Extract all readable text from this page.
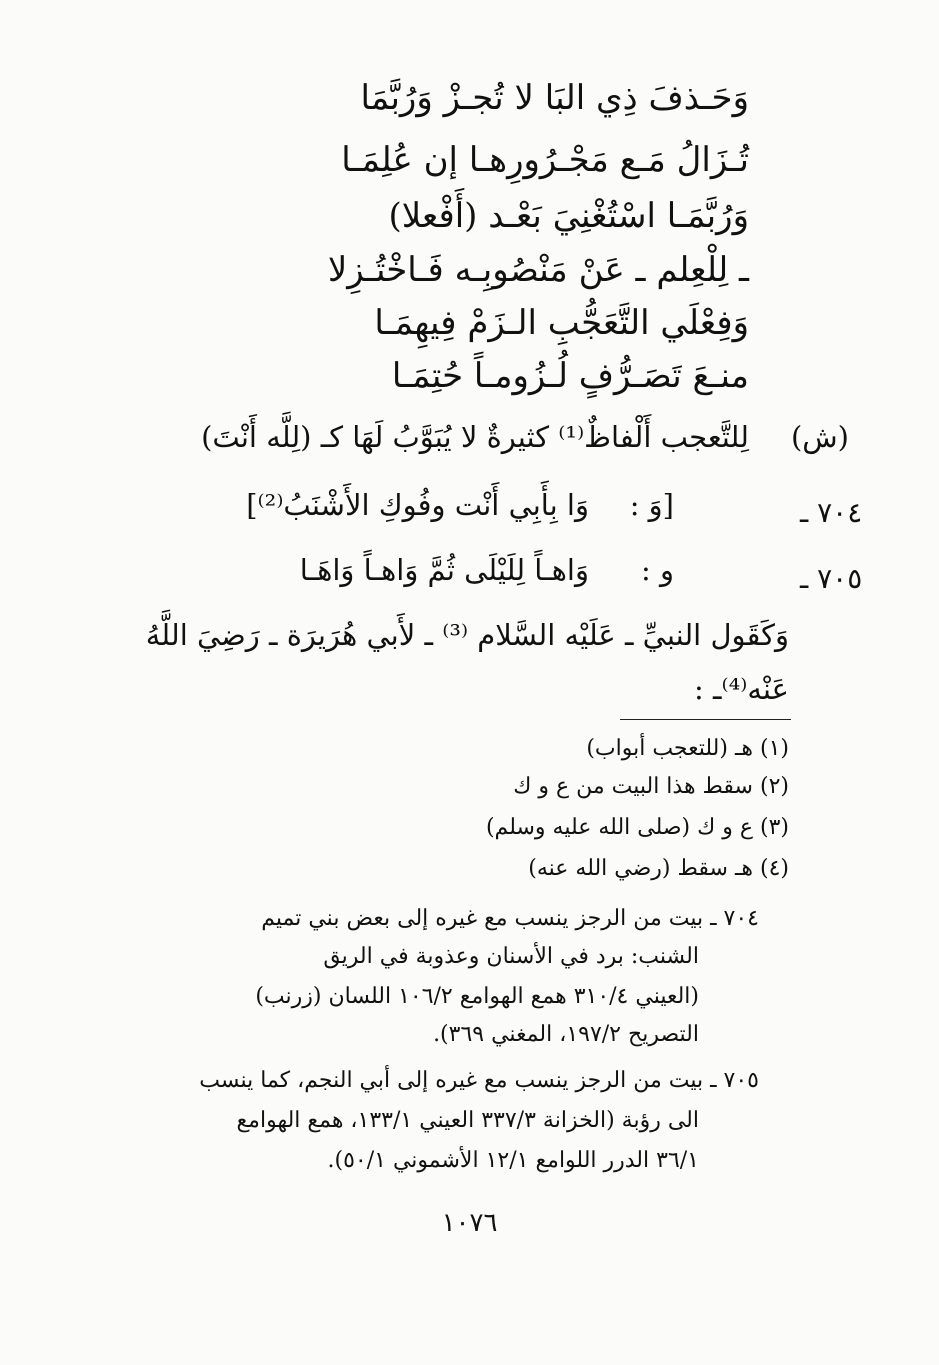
وَحَـذفَ ذِي البَا لا تُجـزْ وَرُبَّمَا
تُـزَالُ مَـع مَجْـرُورِهـا إن عُلِمَـا
وَرُبَّمَـا اسْتُغْنِيَ بَعْـد (أَفْعلا)
ـ لِلْعِلم ـ عَنْ مَنْصُوبِـه فَـاخْتُـزِلا
وَفِعْلَي التَّعَجُّبِ الـزَمْ فِيهِمَـا
منـعَ تَصَـرُّفٍ لُـزُومـاً حُتِمَـا
(ش)
لِلتَّعجب أَلْفاظٌ⁽¹⁾ كثيرةٌ لا يُبَوَّبُ لَهَا كـ (لِلَّه أَنْتَ)
٧٠٤ ـ
[وَ :
وَا بِأَبِي أَنْت وفُوكِ الأَشْنَبُ⁽²⁾]
٧٠٥ ـ
و :
وَاهـاً لِلَيْلَى ثُمَّ وَاهـاً وَاهَـا
وَكَقَول النبيِّ ـ عَلَيْه السَّلام ⁽³⁾ ـ لأَبي هُرَيرَة ـ رَضِيَ اللَّهُ
عَنْه⁽⁴⁾ـ :
(١) هـ (للتعجب أبواب)
(٢) سقط هذا البيت من ع و ك
(٣) ع و ك (صلى الله عليه وسلم)
(٤) هـ سقط (رضي الله عنه)
٧٠٤ ـ بيت من الرجز ينسب مع غيره إلى بعض بني تميم
الشنب: برد في الأسنان وعذوبة في الريق
(العيني ٣١٠/٤ همع الهوامع ١٠٦/٢ اللسان (زرنب)
التصريح ١٩٧/٢، المغني ٣٦٩).
٧٠٥ ـ بيت من الرجز ينسب مع غيره إلى أبي النجم، كما ينسب
الى رؤبة (الخزانة ٣٣٧/٣ العيني ١٣٣/١، همع الهوامع
٣٦/١ الدرر اللوامع ١٢/١ الأشموني ٥٠/١).
١٠٧٦
